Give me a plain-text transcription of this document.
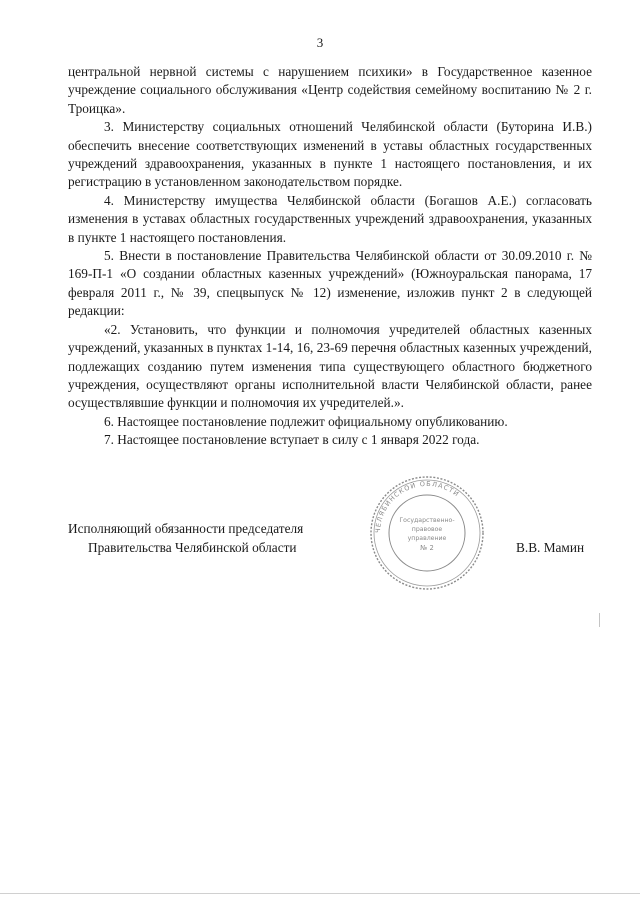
3

центральной нервной системы с нарушением психики» в Государственное казенное учреждение социального обслуживания «Центр содействия семейному воспитанию № 2 г. Троицка».

3. Министерству социальных отношений Челябинской области (Буторина И.В.) обеспечить внесение соответствующих изменений в уставы областных государственных учреждений здравоохранения, указанных в пункте 1 настоящего постановления, и их регистрацию в установленном законодательством порядке.

4. Министерству имущества Челябинской области (Богашов А.Е.) согласовать изменения в уставах областных государственных учреждений здравоохранения, указанных в пункте 1 настоящего постановления.

5. Внести в постановление Правительства Челябинской области от 30.09.2010 г. № 169-П-1 «О создании областных казенных учреждений» (Южноуральская панорама, 17 февраля 2011 г., № 39, спецвыпуск № 12) изменение, изложив пункт 2 в следующей редакции:

«2. Установить, что функции и полномочия учредителей областных казенных учреждений, указанных в пунктах 1-14, 16, 23-69 перечня областных казенных учреждений, подлежащих созданию путем изменения типа существующего областного бюджетного учреждения, осуществляют органы исполнительной власти Челябинской области, ранее осуществлявшие функции и полномочия их учредителей.».

6. Настоящее постановление подлежит официальному опубликованию.

7. Настоящее постановление вступает в силу с 1 января 2022 года.

ЧЕЛЯБИНСКОЙ ОБЛАСТИ
Государственно-
правовое
управление
№ 2
Исполняющий обязанности председателя
Правительства Челябинской области	В.В. Мамин
